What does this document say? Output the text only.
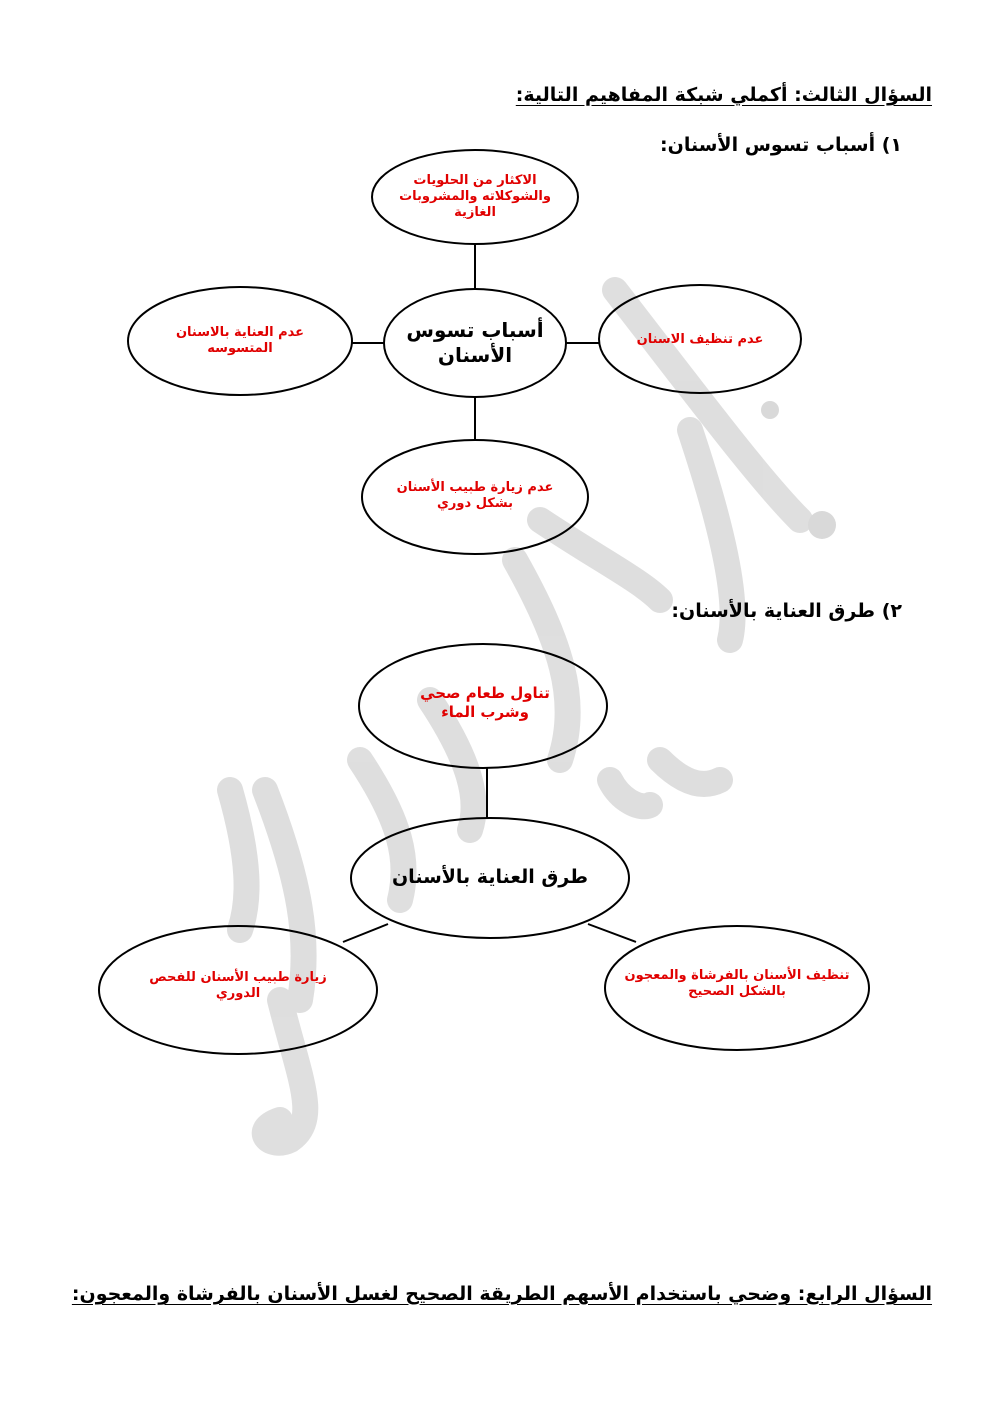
السؤال الثالث: أكملي شبكة المفاهيم التالية:
١) أسباب تسوس الأسنان:
٢) طرق العناية بالأسنان:
السؤال الرابع: وضحي باستخدام الأسهم الطريقة الصحيح لغسل الأسنان بالفرشاة والمعجون:
الاكثار من الحلويات والشوكلاته والمشروبات الغازية
أسباب تسوس الأسنان
عدم العناية بالاسنان المتسوسه
عدم تنظيف الاسنان
عدم زيارة طبيب الأسنان بشكل دوري
تناول طعام صحي وشرب الماء
طرق العناية بالأسنان
زيارة طبيب الأسنان للفحص الدوري
تنظيف الأسنان بالفرشاة والمعجون بالشكل الصحيح
